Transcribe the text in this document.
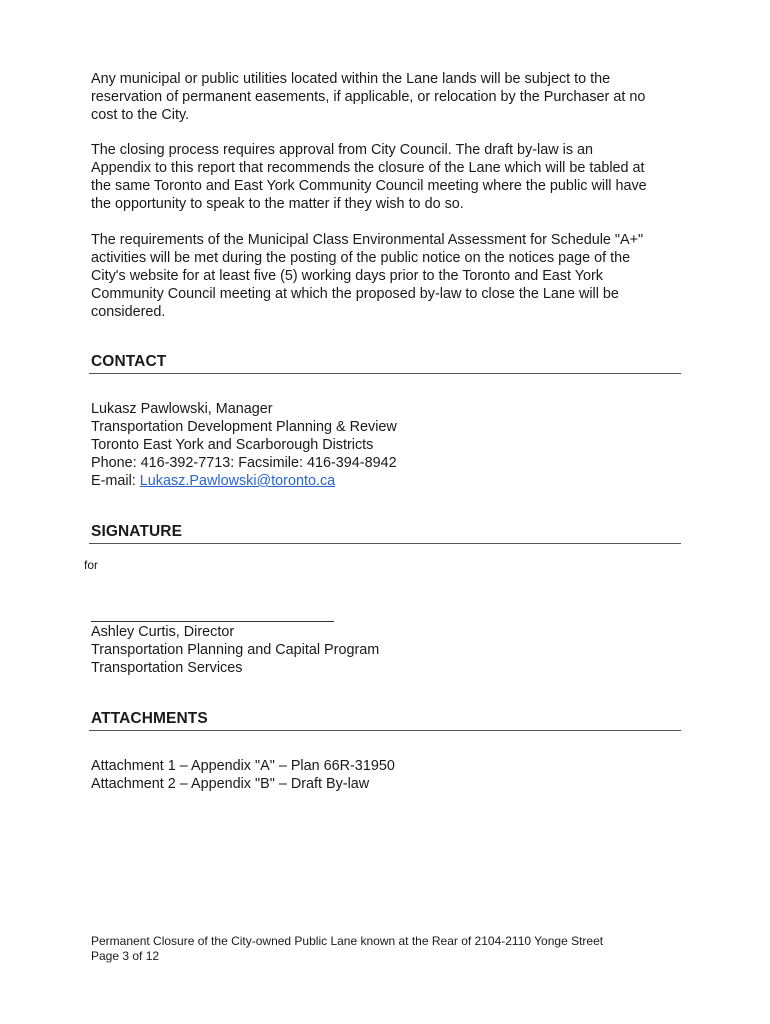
Any municipal or public utilities located within the Lane lands will be subject to the
reservation of permanent easements, if applicable, or relocation by the Purchaser at no
cost to the City.
The closing process requires approval from City Council. The draft by-law is an
Appendix to this report that recommends the closure of the Lane which will be tabled at
the same Toronto and East York Community Council meeting where the public will have
the opportunity to speak to the matter if they wish to do so.
The requirements of the Municipal Class Environmental Assessment for Schedule "A+"
activities will be met during the posting of the public notice on the notices page of the
City's website for at least five (5) working days prior to the Toronto and East York
Community Council meeting at which the proposed by-law to close the Lane will be
considered.
CONTACT
Lukasz Pawlowski, Manager
Transportation Development Planning & Review
Toronto East York and Scarborough Districts
Phone: 416-392-7713: Facsimile: 416-394-8942
E-mail: Lukasz.Pawlowski@toronto.ca
SIGNATURE
for
Ashley Curtis, Director
Transportation Planning and Capital Program
Transportation Services
ATTACHMENTS
Attachment 1 – Appendix "A" – Plan 66R-31950
Attachment 2 – Appendix "B" – Draft By-law
Permanent Closure of the City-owned Public Lane known at the Rear of 2104-2110 Yonge Street
Page 3 of 12
